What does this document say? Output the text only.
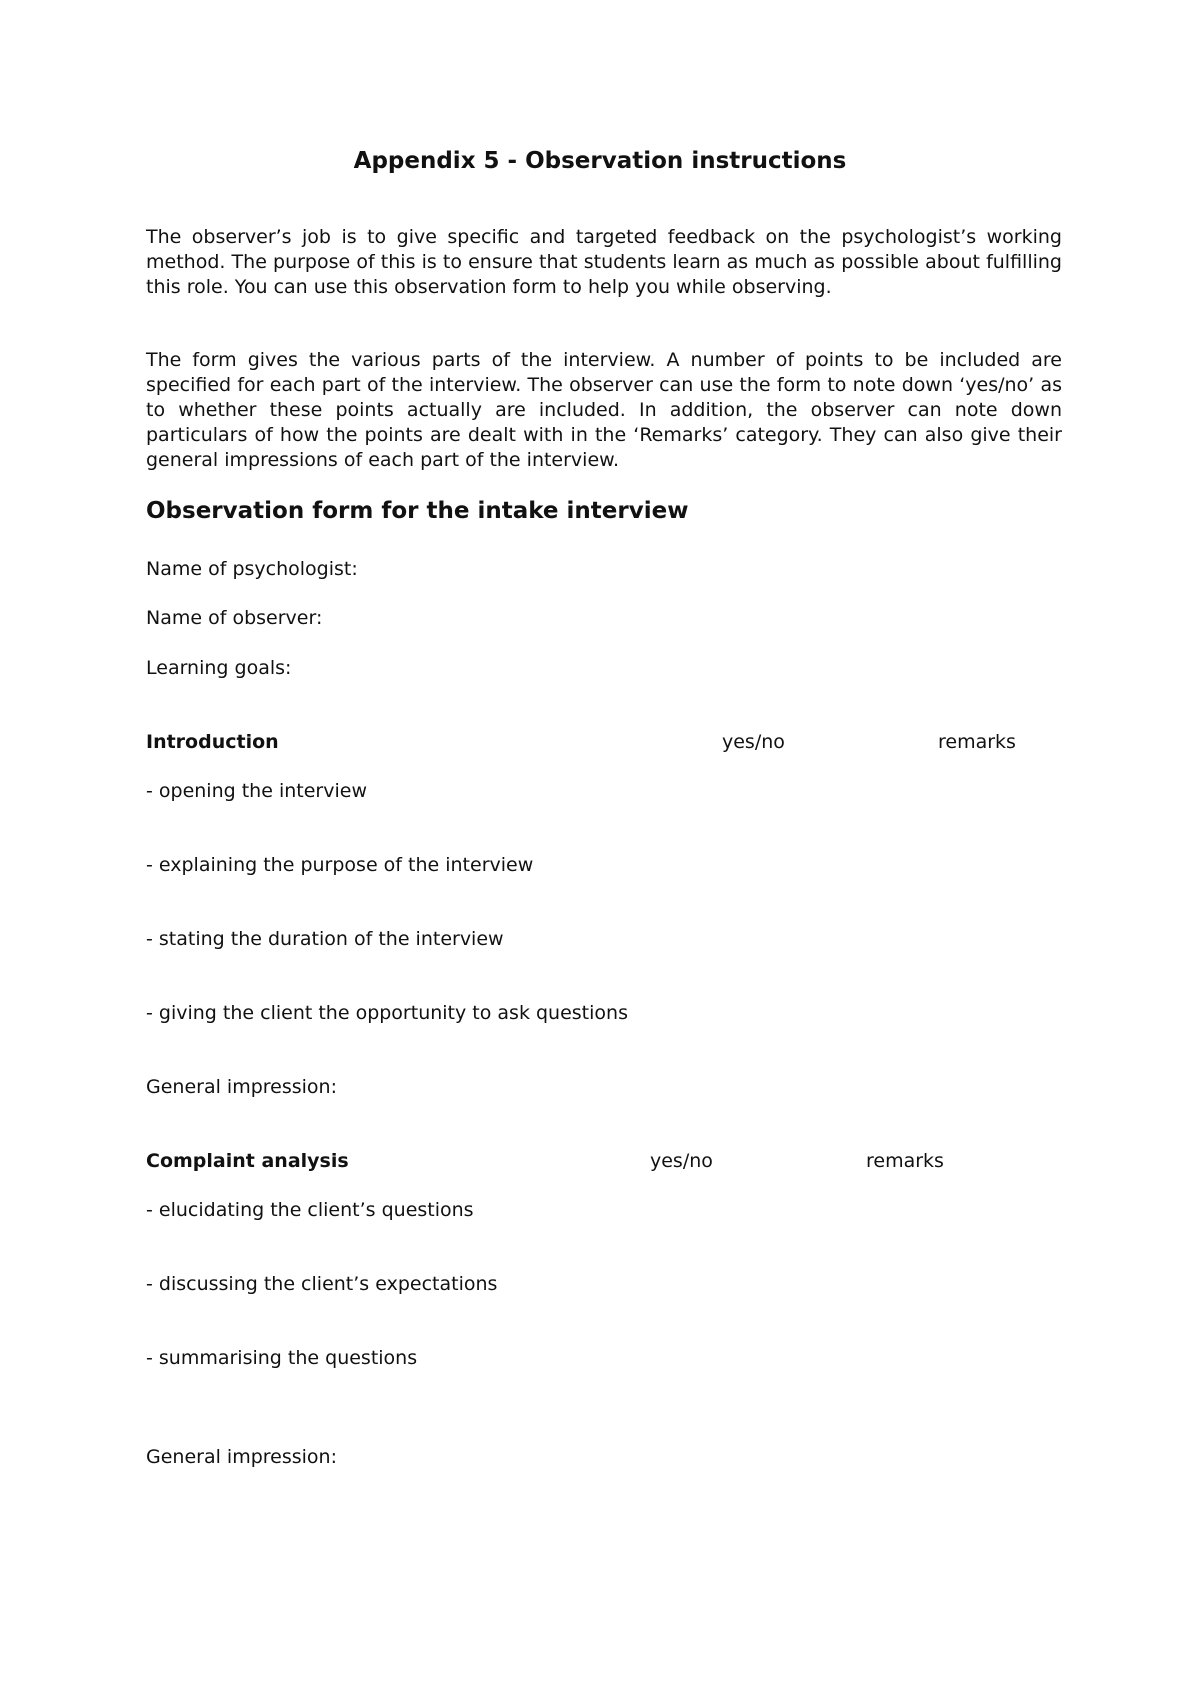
Appendix 5 - Observation instructions

The observer’s job is to give specific and targeted feedback on the psychologist’s working method. The purpose of this is to ensure that students learn as much as possible about fulfilling this role. You can use this observation form to help you while observing.

The form gives the various parts of the interview. A number of points to be included are specified for each part of the interview. The observer can use the form to note down ‘yes/no’ as to whether these points actually are included. In addition, the observer can note down particulars of how the points are dealt with in the ‘Remarks’ category. They can also give their general impressions of each part of the interview.

Observation form for the intake interview
Name of psychologist:
Name of observer:
Learning goals:
Introduction	yes/no	remarks
- opening the interview
- explaining the purpose of the interview
- stating the duration of the interview
- giving the client the opportunity to ask questions
General impression:
Complaint analysis	yes/no	remarks
- elucidating the client’s questions
- discussing the client’s expectations
- summarising the questions
General impression:
